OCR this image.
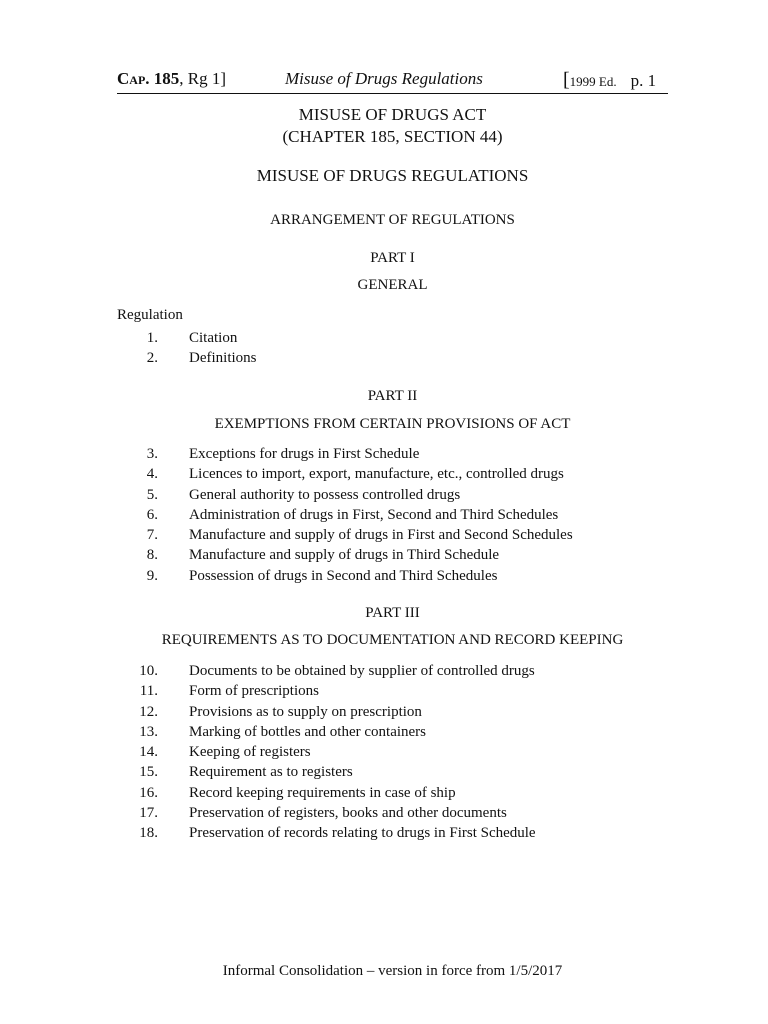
Cap. 185, Rg 1]	Misuse of Drugs Regulations	[1999 Ed. p. 1
MISUSE OF DRUGS ACT
(CHAPTER 185, SECTION 44)
MISUSE OF DRUGS REGULATIONS
ARRANGEMENT OF REGULATIONS
PART I
GENERAL
Regulation
1. Citation
2. Definitions
PART II
EXEMPTIONS FROM CERTAIN PROVISIONS OF ACT
3. Exceptions for drugs in First Schedule
4. Licences to import, export, manufacture, etc., controlled drugs
5. General authority to possess controlled drugs
6. Administration of drugs in First, Second and Third Schedules
7. Manufacture and supply of drugs in First and Second Schedules
8. Manufacture and supply of drugs in Third Schedule
9. Possession of drugs in Second and Third Schedules
PART III
REQUIREMENTS AS TO DOCUMENTATION AND RECORD KEEPING
10. Documents to be obtained by supplier of controlled drugs
11. Form of prescriptions
12. Provisions as to supply on prescription
13. Marking of bottles and other containers
14. Keeping of registers
15. Requirement as to registers
16. Record keeping requirements in case of ship
17. Preservation of registers, books and other documents
18. Preservation of records relating to drugs in First Schedule
Informal Consolidation – version in force from 1/5/2017
